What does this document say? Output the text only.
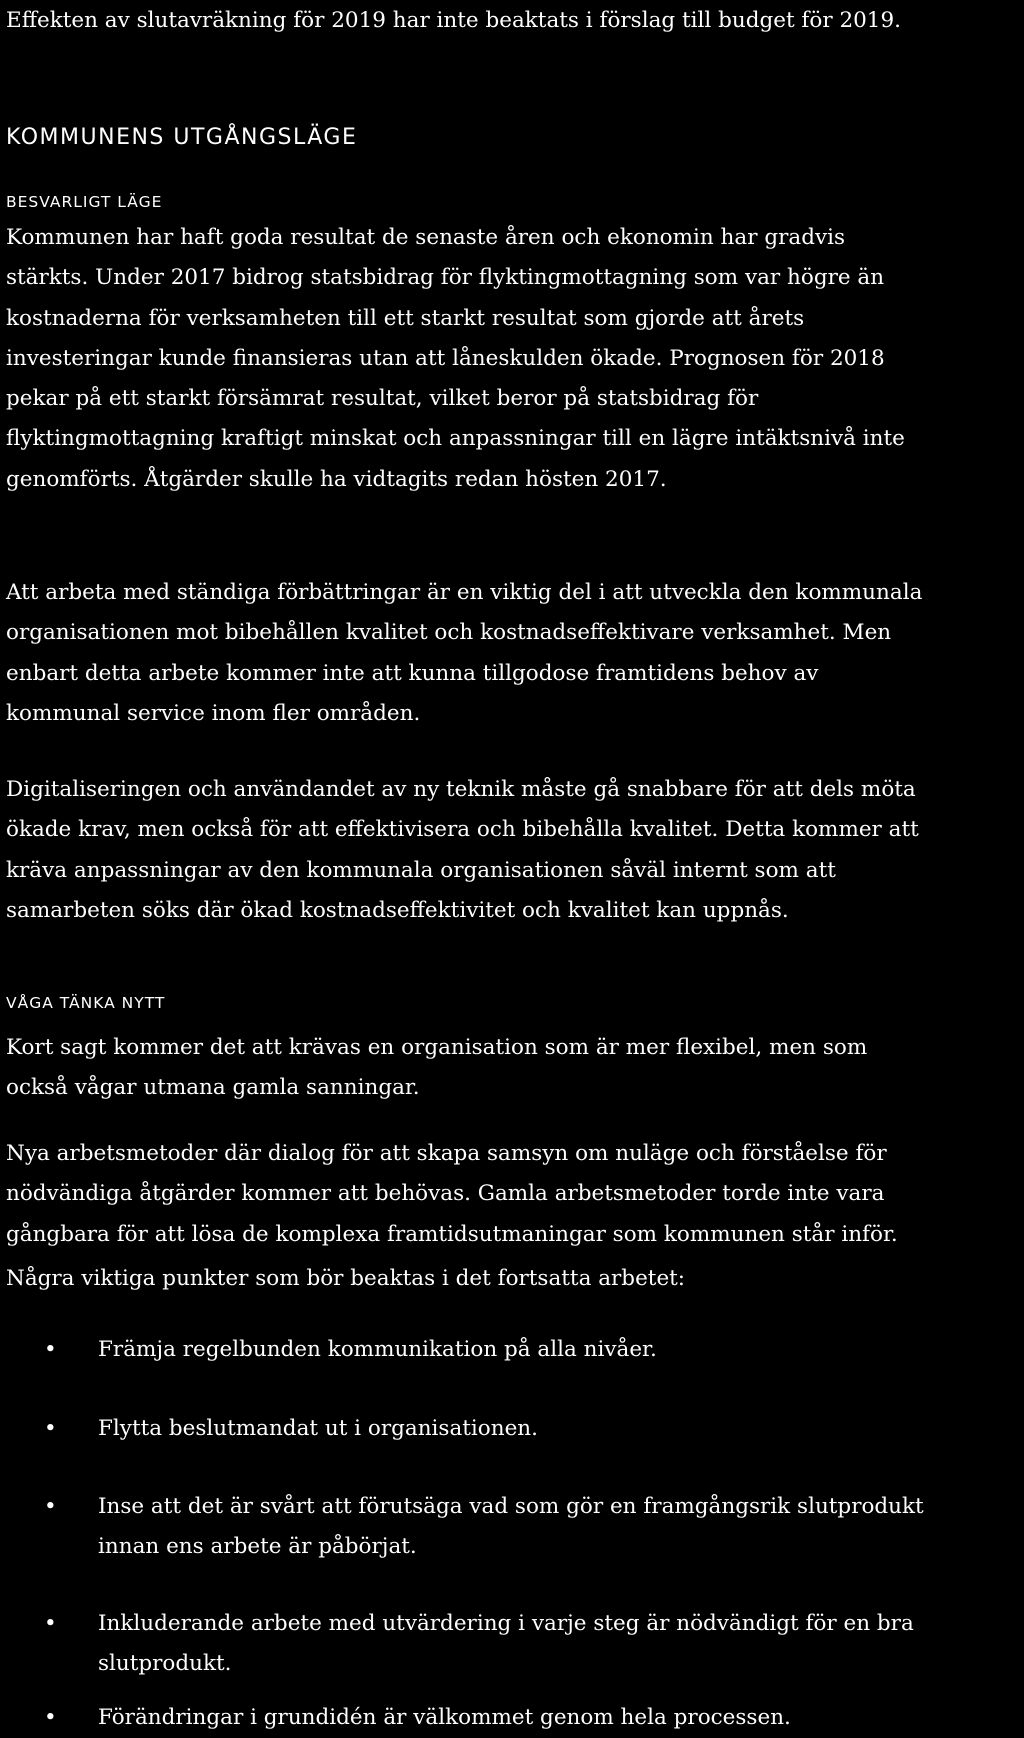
Effekten av slutavräkning för 2019 har inte beaktats i förslag till budget för 2019.

KOMMUNENS UTGÅNGSLÄGE
BESVARLIGT LÄGE

Kommunen har haft goda resultat de senaste åren och ekonomin har gradvis
stärkts. Under 2017 bidrog statsbidrag för flyktingmottagning som var högre än
kostnaderna för verksamheten till ett starkt resultat som gjorde att årets
investeringar kunde finansieras utan att låneskulden ökade. Prognosen för 2018
pekar på ett starkt försämrat resultat, vilket beror på statsbidrag för
flyktingmottagning kraftigt minskat och anpassningar till en lägre intäktsnivå inte
genomförts. Åtgärder skulle ha vidtagits redan hösten 2017.

Att arbeta med ständiga förbättringar är en viktig del i att utveckla den kommunala
organisationen mot bibehållen kvalitet och kostnadseffektivare verksamhet. Men
enbart detta arbete kommer inte att kunna tillgodose framtidens behov av
kommunal service inom fler områden.

Digitaliseringen och användandet av ny teknik måste gå snabbare för att dels möta
ökade krav, men också för att effektivisera och bibehålla kvalitet. Detta kommer att
kräva anpassningar av den kommunala organisationen såväl internt som att
samarbeten söks där ökad kostnadseffektivitet och kvalitet kan uppnås.

VÅGA TÄNKA NYTT

Kort sagt kommer det att krävas en organisation som är mer flexibel, men som
också vågar utmana gamla sanningar.

Nya arbetsmetoder där dialog för att skapa samsyn om nuläge och förståelse för
nödvändiga åtgärder kommer att behövas. Gamla arbetsmetoder torde inte vara
gångbara för att lösa de komplexa framtidsutmaningar som kommunen står inför.

Några viktiga punkter som bör beaktas i det fortsatta arbetet:

• Främja regelbunden kommunikation på alla nivåer.
• Flytta beslutmandat ut i organisationen.
• Inse att det är svårt att förutsäga vad som gör en framgångsrik slutprodukt
innan ens arbete är påbörjat.
• Inkluderande arbete med utvärdering i varje steg är nödvändigt för en bra
slutprodukt.
• Förändringar i grundidén är välkommet genom hela processen.
